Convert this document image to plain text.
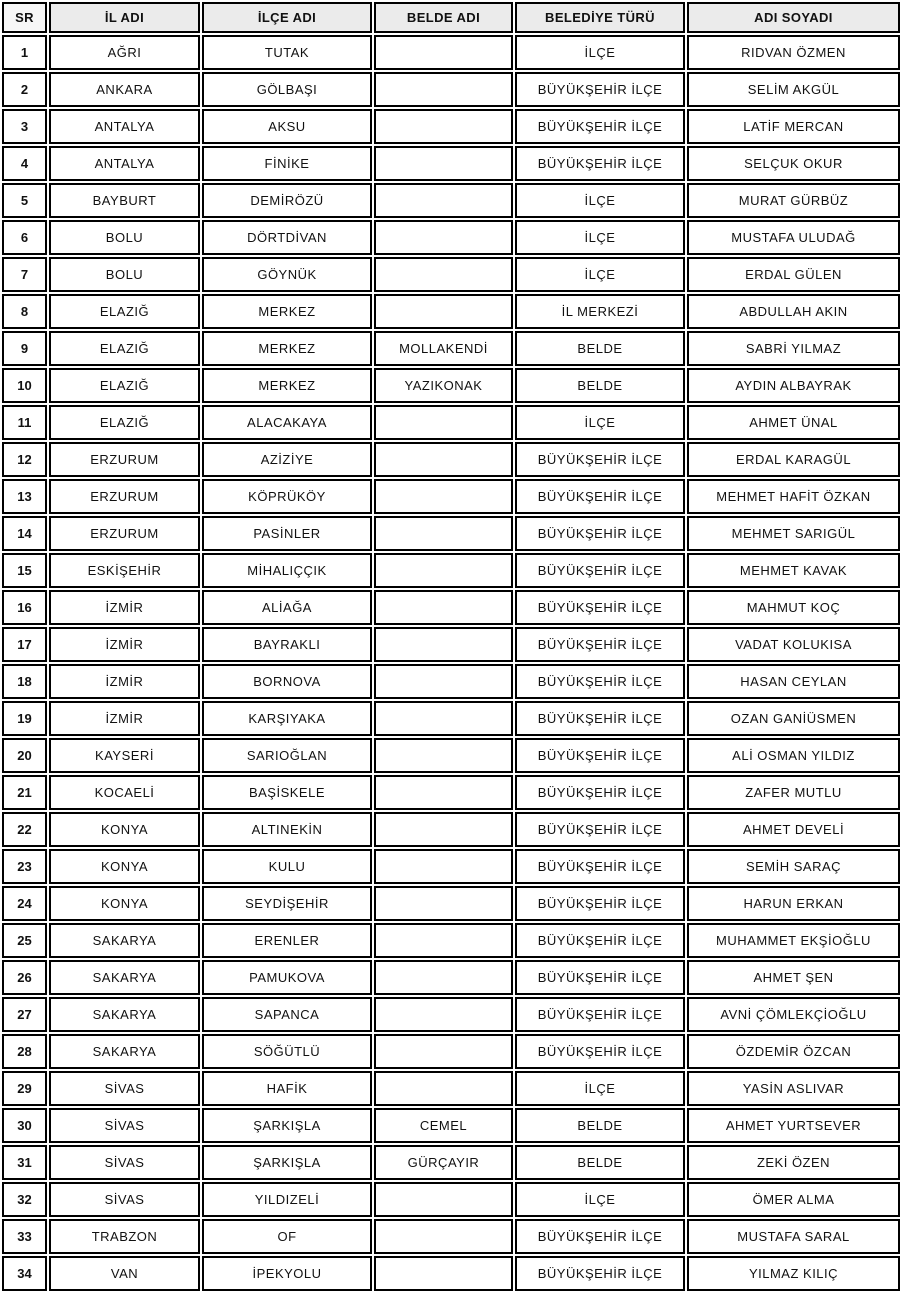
SR	İL ADI	İLÇE ADI	BELDE ADI	BELEDİYE TÜRÜ	ADI SOYADI
1	AĞRI	TUTAK		İLÇE	RIDVAN ÖZMEN
2	ANKARA	GÖLBAŞI		BÜYÜKŞEHİR İLÇE	SELİM AKGÜL
3	ANTALYA	AKSU		BÜYÜKŞEHİR İLÇE	LATİF MERCAN
4	ANTALYA	FİNİKE		BÜYÜKŞEHİR İLÇE	SELÇUK OKUR
5	BAYBURT	DEMİRÖZÜ		İLÇE	MURAT GÜRBÜZ
6	BOLU	DÖRTDİVAN		İLÇE	MUSTAFA ULUDAĞ
7	BOLU	GÖYNÜK		İLÇE	ERDAL GÜLEN
8	ELAZIĞ	MERKEZ		İL MERKEZİ	ABDULLAH AKIN
9	ELAZIĞ	MERKEZ	MOLLAKENDİ	BELDE	SABRİ YILMAZ
10	ELAZIĞ	MERKEZ	YAZIKONAK	BELDE	AYDIN ALBAYRAK
11	ELAZIĞ	ALACAKAYA		İLÇE	AHMET ÜNAL
12	ERZURUM	AZİZİYE		BÜYÜKŞEHİR İLÇE	ERDAL KARAGÜL
13	ERZURUM	KÖPRÜKÖY		BÜYÜKŞEHİR İLÇE	MEHMET HAFİT ÖZKAN
14	ERZURUM	PASİNLER		BÜYÜKŞEHİR İLÇE	MEHMET SARIGÜL
15	ESKİŞEHİR	MİHALIÇÇIK		BÜYÜKŞEHİR İLÇE	MEHMET KAVAK
16	İZMİR	ALİAĞA		BÜYÜKŞEHİR İLÇE	MAHMUT KOÇ
17	İZMİR	BAYRAKLI		BÜYÜKŞEHİR İLÇE	VADAT KOLUKISA
18	İZMİR	BORNOVA		BÜYÜKŞEHİR İLÇE	HASAN CEYLAN
19	İZMİR	KARŞIYAKA		BÜYÜKŞEHİR İLÇE	OZAN GANİÜSMEN
20	KAYSERİ	SARIOĞLAN		BÜYÜKŞEHİR İLÇE	ALİ OSMAN YILDIZ
21	KOCAELİ	BAŞİSKELE		BÜYÜKŞEHİR İLÇE	ZAFER MUTLU
22	KONYA	ALTINEKİN		BÜYÜKŞEHİR İLÇE	AHMET DEVELİ
23	KONYA	KULU		BÜYÜKŞEHİR İLÇE	SEMİH SARAÇ
24	KONYA	SEYDİŞEHİR		BÜYÜKŞEHİR İLÇE	HARUN ERKAN
25	SAKARYA	ERENLER		BÜYÜKŞEHİR İLÇE	MUHAMMET EKŞİOĞLU
26	SAKARYA	PAMUKOVA		BÜYÜKŞEHİR İLÇE	AHMET ŞEN
27	SAKARYA	SAPANCA		BÜYÜKŞEHİR İLÇE	AVNİ ÇÖMLEKÇİOĞLU
28	SAKARYA	SÖĞÜTLÜ		BÜYÜKŞEHİR İLÇE	ÖZDEMİR ÖZCAN
29	SİVAS	HAFİK		İLÇE	YASİN ASLIVAR
30	SİVAS	ŞARKIŞLA	CEMEL	BELDE	AHMET YURTSEVER
31	SİVAS	ŞARKIŞLA	GÜRÇAYIR	BELDE	ZEKİ ÖZEN
32	SİVAS	YILDIZELİ		İLÇE	ÖMER ALMA
33	TRABZON	OF		BÜYÜKŞEHİR İLÇE	MUSTAFA SARAL
34	VAN	İPEKYOLU		BÜYÜKŞEHİR İLÇE	YILMAZ KILIÇ
